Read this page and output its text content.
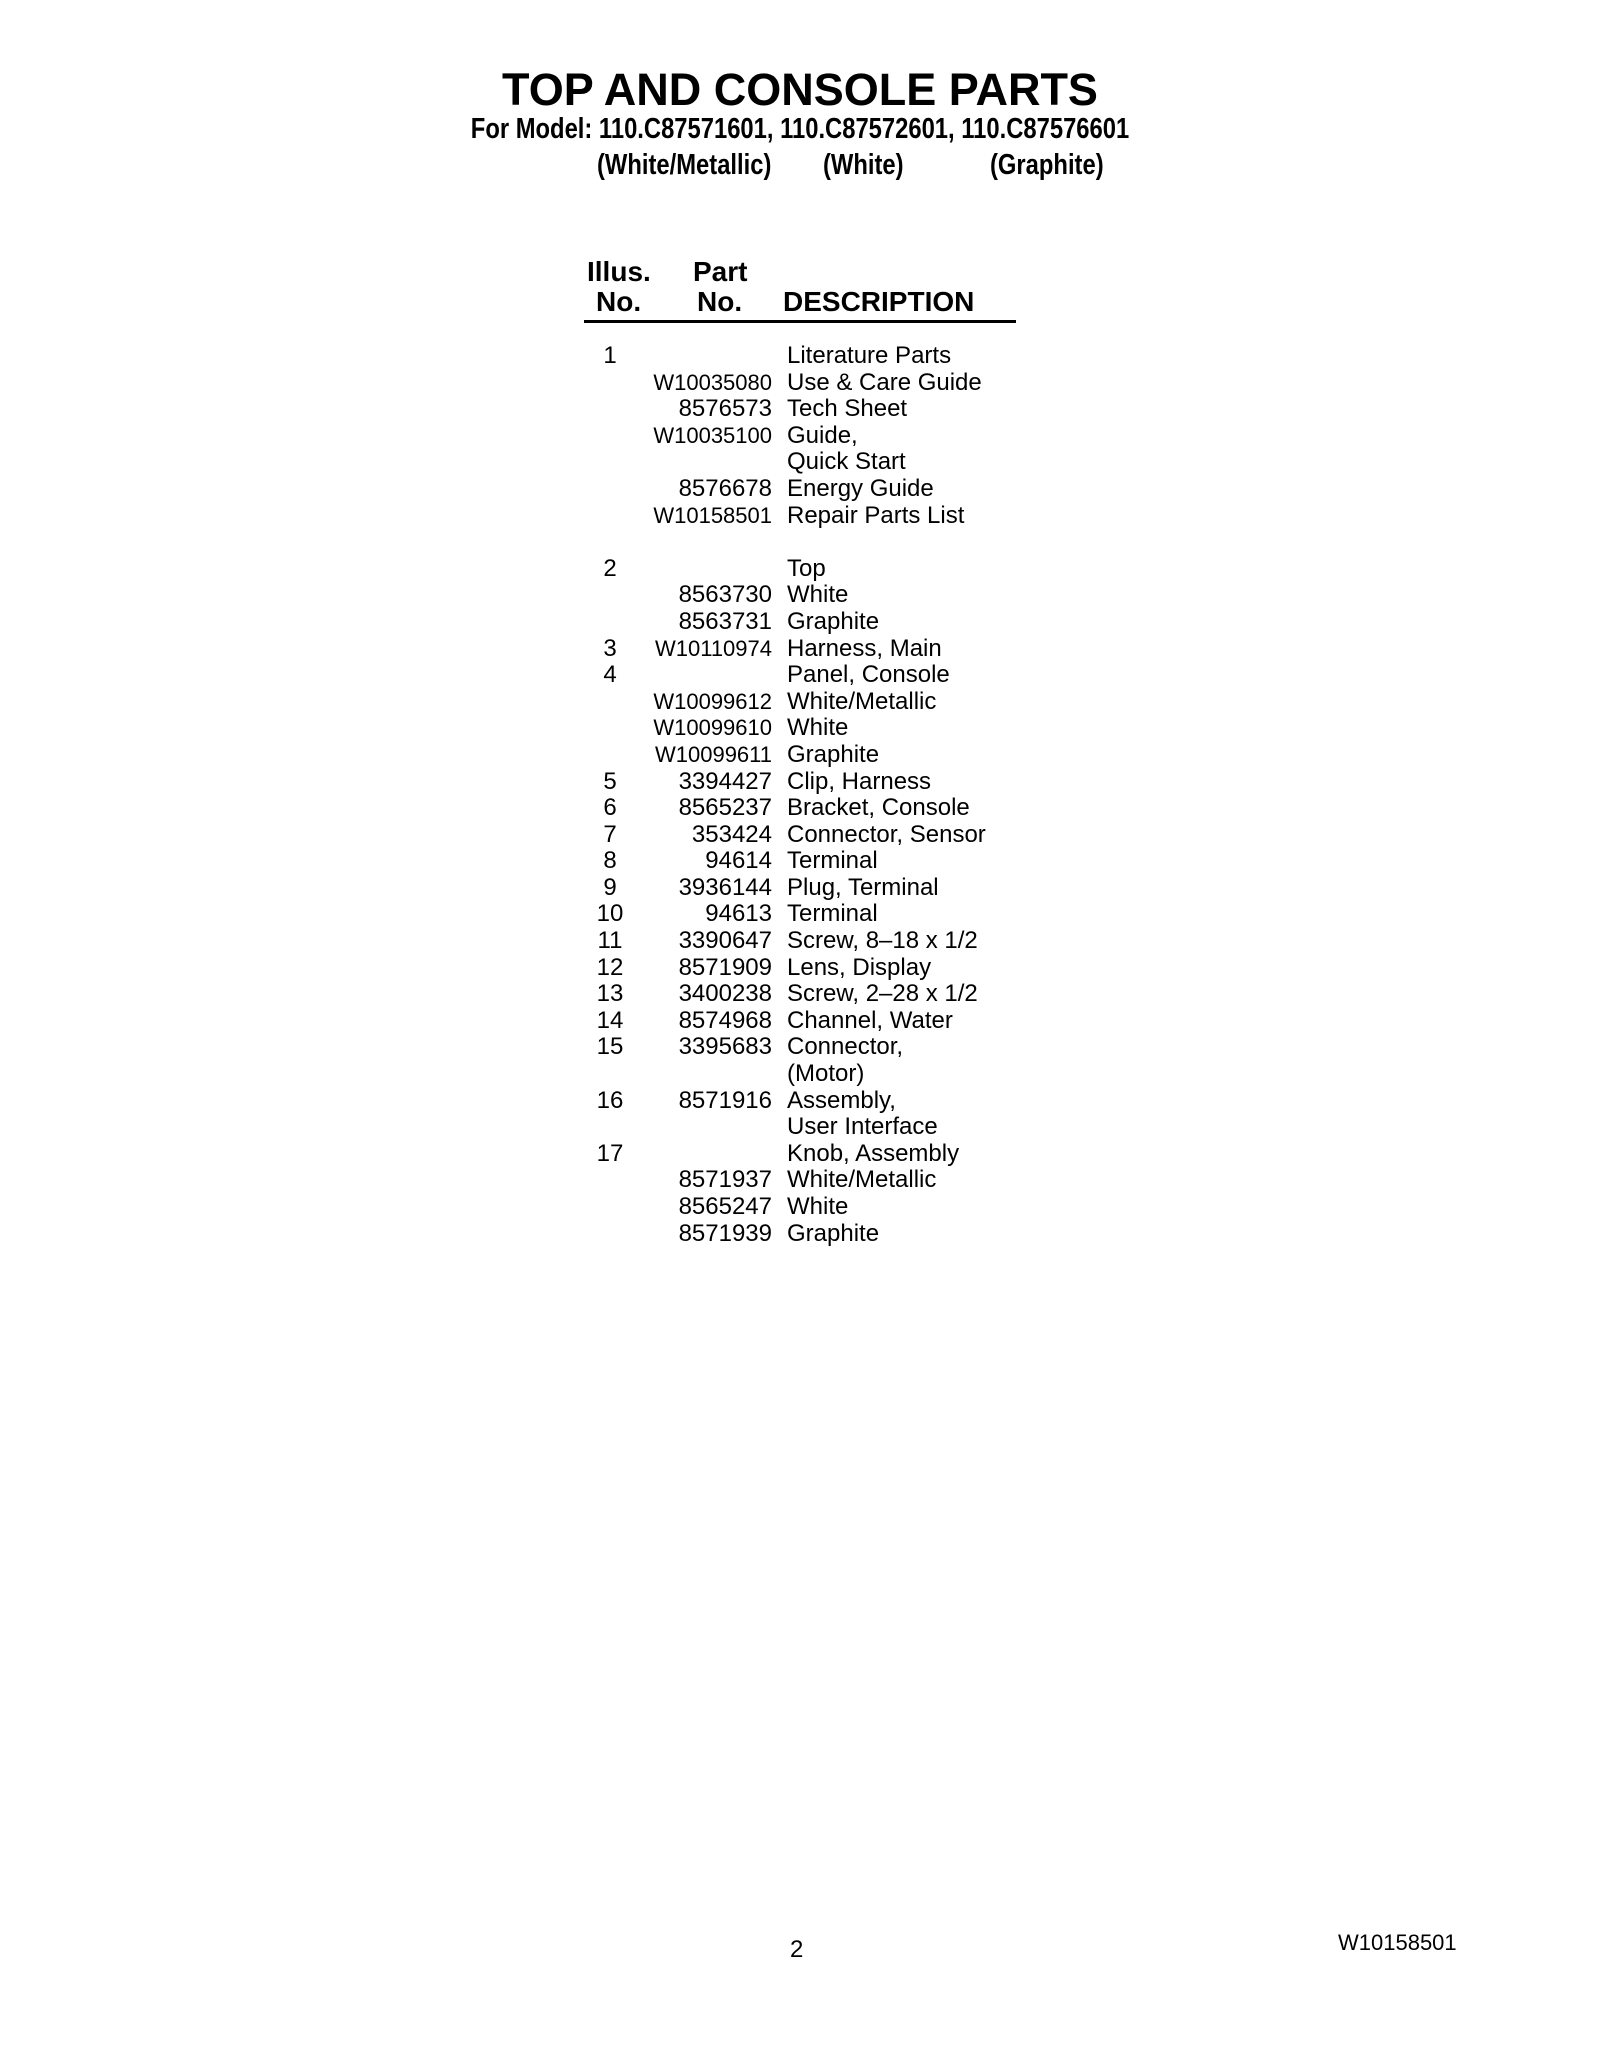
TOP AND CONSOLE PARTS
For Model: 110.C87571601, 110.C87572601, 110.C87576601
(White/Metallic) (White)	(Graphite)
Illus.
No.
Part
No. DESCRIPTION
1	Literature Parts
W10035080 Use & Care Guide
8576573 Tech Sheet
W10035100 Guide,
Quick Start
8576678 Energy Guide
W10158501 Repair Parts List
2	Top
8563730 White
8563731 Graphite
3	W10110974 Harness, Main
4	Panel, Console
W10099612 White/Metallic
W10099610 White
W10099611 Graphite
5	3394427 Clip, Harness
6	8565237 Bracket, Console
7	353424 Connector, Sensor
8	94614 Terminal
9	3936144 Plug, Terminal
10	94613 Terminal
11	3390647 Screw, 8–18 x 1/2
12 8571909 Lens, Display
13 3400238 Screw, 2–28 x 1/2
14 8574968 Channel, Water
15 3395683 Connector,
(Motor)
16 8571916 Assembly,
User Interface
17	Knob, Assembly
8571937 White/Metallic
8565247 White
8571939 Graphite
2	W10158501
